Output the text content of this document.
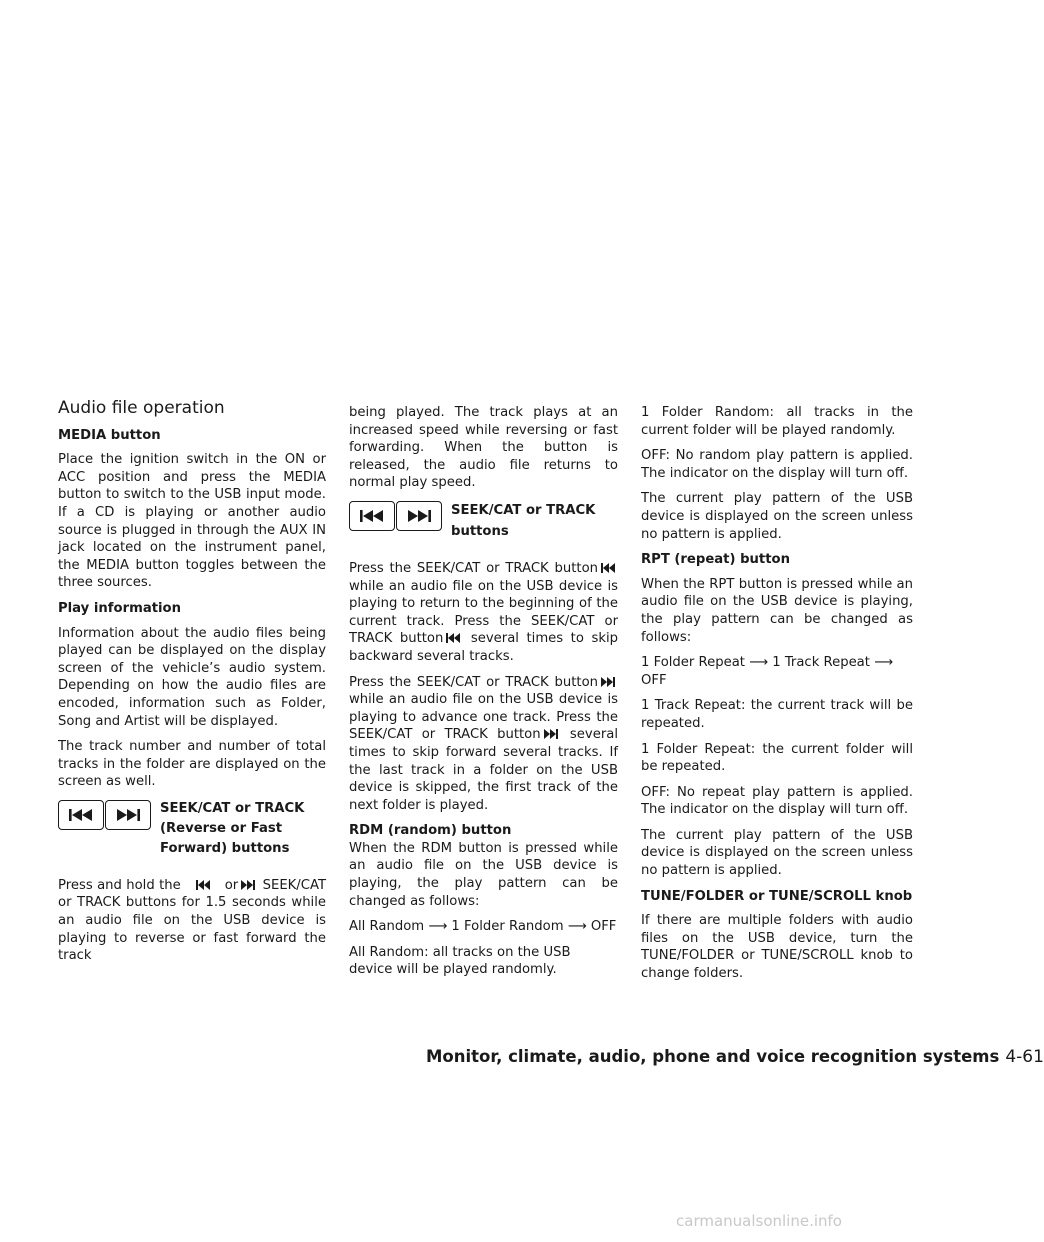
Audio file operation
MEDIA button

Place the ignition switch in the ON or ACC position and press the MEDIA button to switch to the USB input mode. If a CD is playing or another audio source is plugged in through the AUX IN jack located on the instrument panel, the MEDIA button toggles between the three sources.

Play information

Information about the audio files being played can be displayed on the display screen of the vehicle’s audio system. Depending on how the audio files are encoded, information such as Folder, Song and Artist will be displayed.

The track number and number of total tracks in the folder are displayed on the screen as well.

SEEK/CAT or TRACK
(Reverse or Fast
Forward) buttons

Press and hold the	or SEEK/CAT or TRACK buttons for 1.5 seconds while an audio file on the USB device is playing to reverse or fast forward the track

being played. The track plays at an increased speed while reversing or fast forwarding. When the button is released, the audio file returns to normal play speed.

SEEK/CAT or TRACK
buttons

Press the SEEK/CAT or TRACK button while an audio file on the USB device is playing to return to the beginning of the current track. Press the SEEK/CAT or TRACK button several times to skip backward several tracks.

Press the SEEK/CAT or TRACK button while an audio file on the USB device is playing to advance one track. Press the SEEK/CAT or TRACK button several times to skip forward several tracks. If the last track in a folder on the USB device is skipped, the first track of the next folder is played.

RDM (random) button

When the RDM button is pressed while an audio file on the USB device is playing, the play pattern can be changed as follows:

All Random ⟶ 1 Folder Random ⟶ OFF

All Random: all tracks on the USB device will be played randomly.

1 Folder Random: all tracks in the current folder will be played randomly.

OFF: No random play pattern is applied. The indicator on the display will turn off.

The current play pattern of the USB device is displayed on the screen unless no pattern is applied.

RPT (repeat) button

When the RPT button is pressed while an audio file on the USB device is playing, the play pattern can be changed as follows:

1 Folder Repeat ⟶ 1 Track Repeat ⟶ OFF

1 Track Repeat: the current track will be repeated.

1 Folder Repeat: the current folder will be repeated.

OFF: No repeat play pattern is applied. The indicator on the display will turn off.

The current play pattern of the USB device is displayed on the screen unless no pattern is applied.

TUNE/FOLDER or TUNE/SCROLL knob

If there are multiple folders with audio files on the USB device, turn the TUNE/FOLDER or TUNE/SCROLL knob to change folders.

Monitor, climate, audio, phone and voice recognition systems 4-61
carmanualsonline.info
